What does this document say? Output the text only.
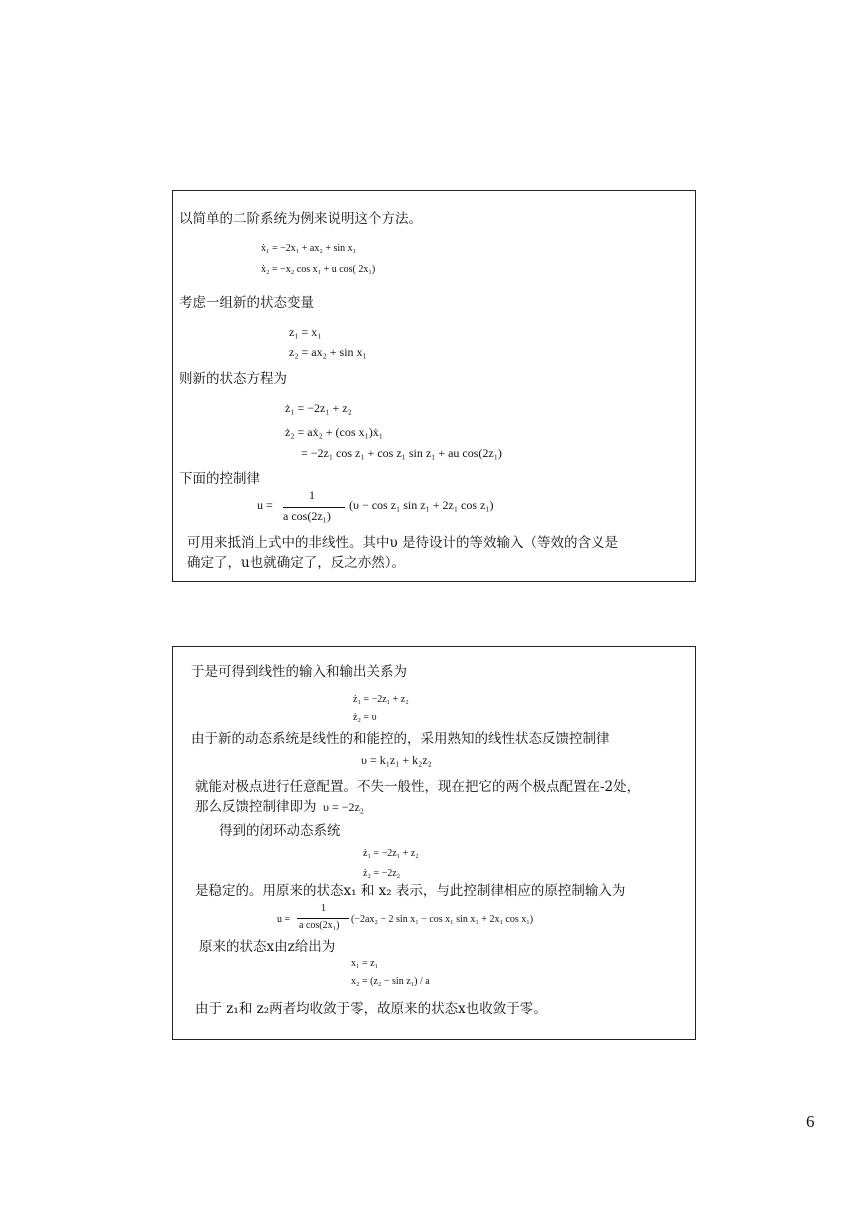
以简单的二阶系统为例来说明这个方法。
ẋ₁ = −2x₁ + ax₂ + sin x₁
ẋ₂ = −x₂ cos x₁ + u cos( 2x₁)
考虑一组新的状态变量
z₁ = x₁
z₂ = ax₂ + sin x₁
则新的状态方程为
ż₁ = −2z₁ + z₂
ż₂ = aẋ₂ + (cos x₁)ẋ₁
= −2z₁ cos z₁ + cos z₁ sin z₁ + au cos(2z₁)
下面的控制律
u =
1
a cos(2z₁)
(υ − cos z₁ sin z₁ + 2z₁ cos z₁)
可用来抵消上式中的非线性。其中υ 是待设计的等效输入（等效的含义是
确定了，u也就确定了，反之亦然）。
于是可得到线性的输入和输出关系为
ż₁ = −2z₁ + z₂
ż₂ = υ
由于新的动态系统是线性的和能控的，采用熟知的线性状态反馈控制律
υ = k₁z₁ + k₂z₂
就能对极点进行任意配置。不失一般性，现在把它的两个极点配置在-2处，
那么反馈控制律即为 υ = −2z₂
得到的闭环动态系统
ż₁ = −2z₁ + z₂
ż₂ = −2z₂
是稳定的。用原来的状态x₁ 和 x₂ 表示，与此控制律相应的原控制输入为
u =
1
a cos(2x₁)
(−2ax₂ − 2 sin x₁ − cos x₁ sin x₁ + 2x₁ cos x₁)
原来的状态x由z给出为
x₁ = z₁
x₂ = (z₂ − sin z₁) / a
由于 z₁和 z₂两者均收敛于零，故原来的状态x也收敛于零。
6
